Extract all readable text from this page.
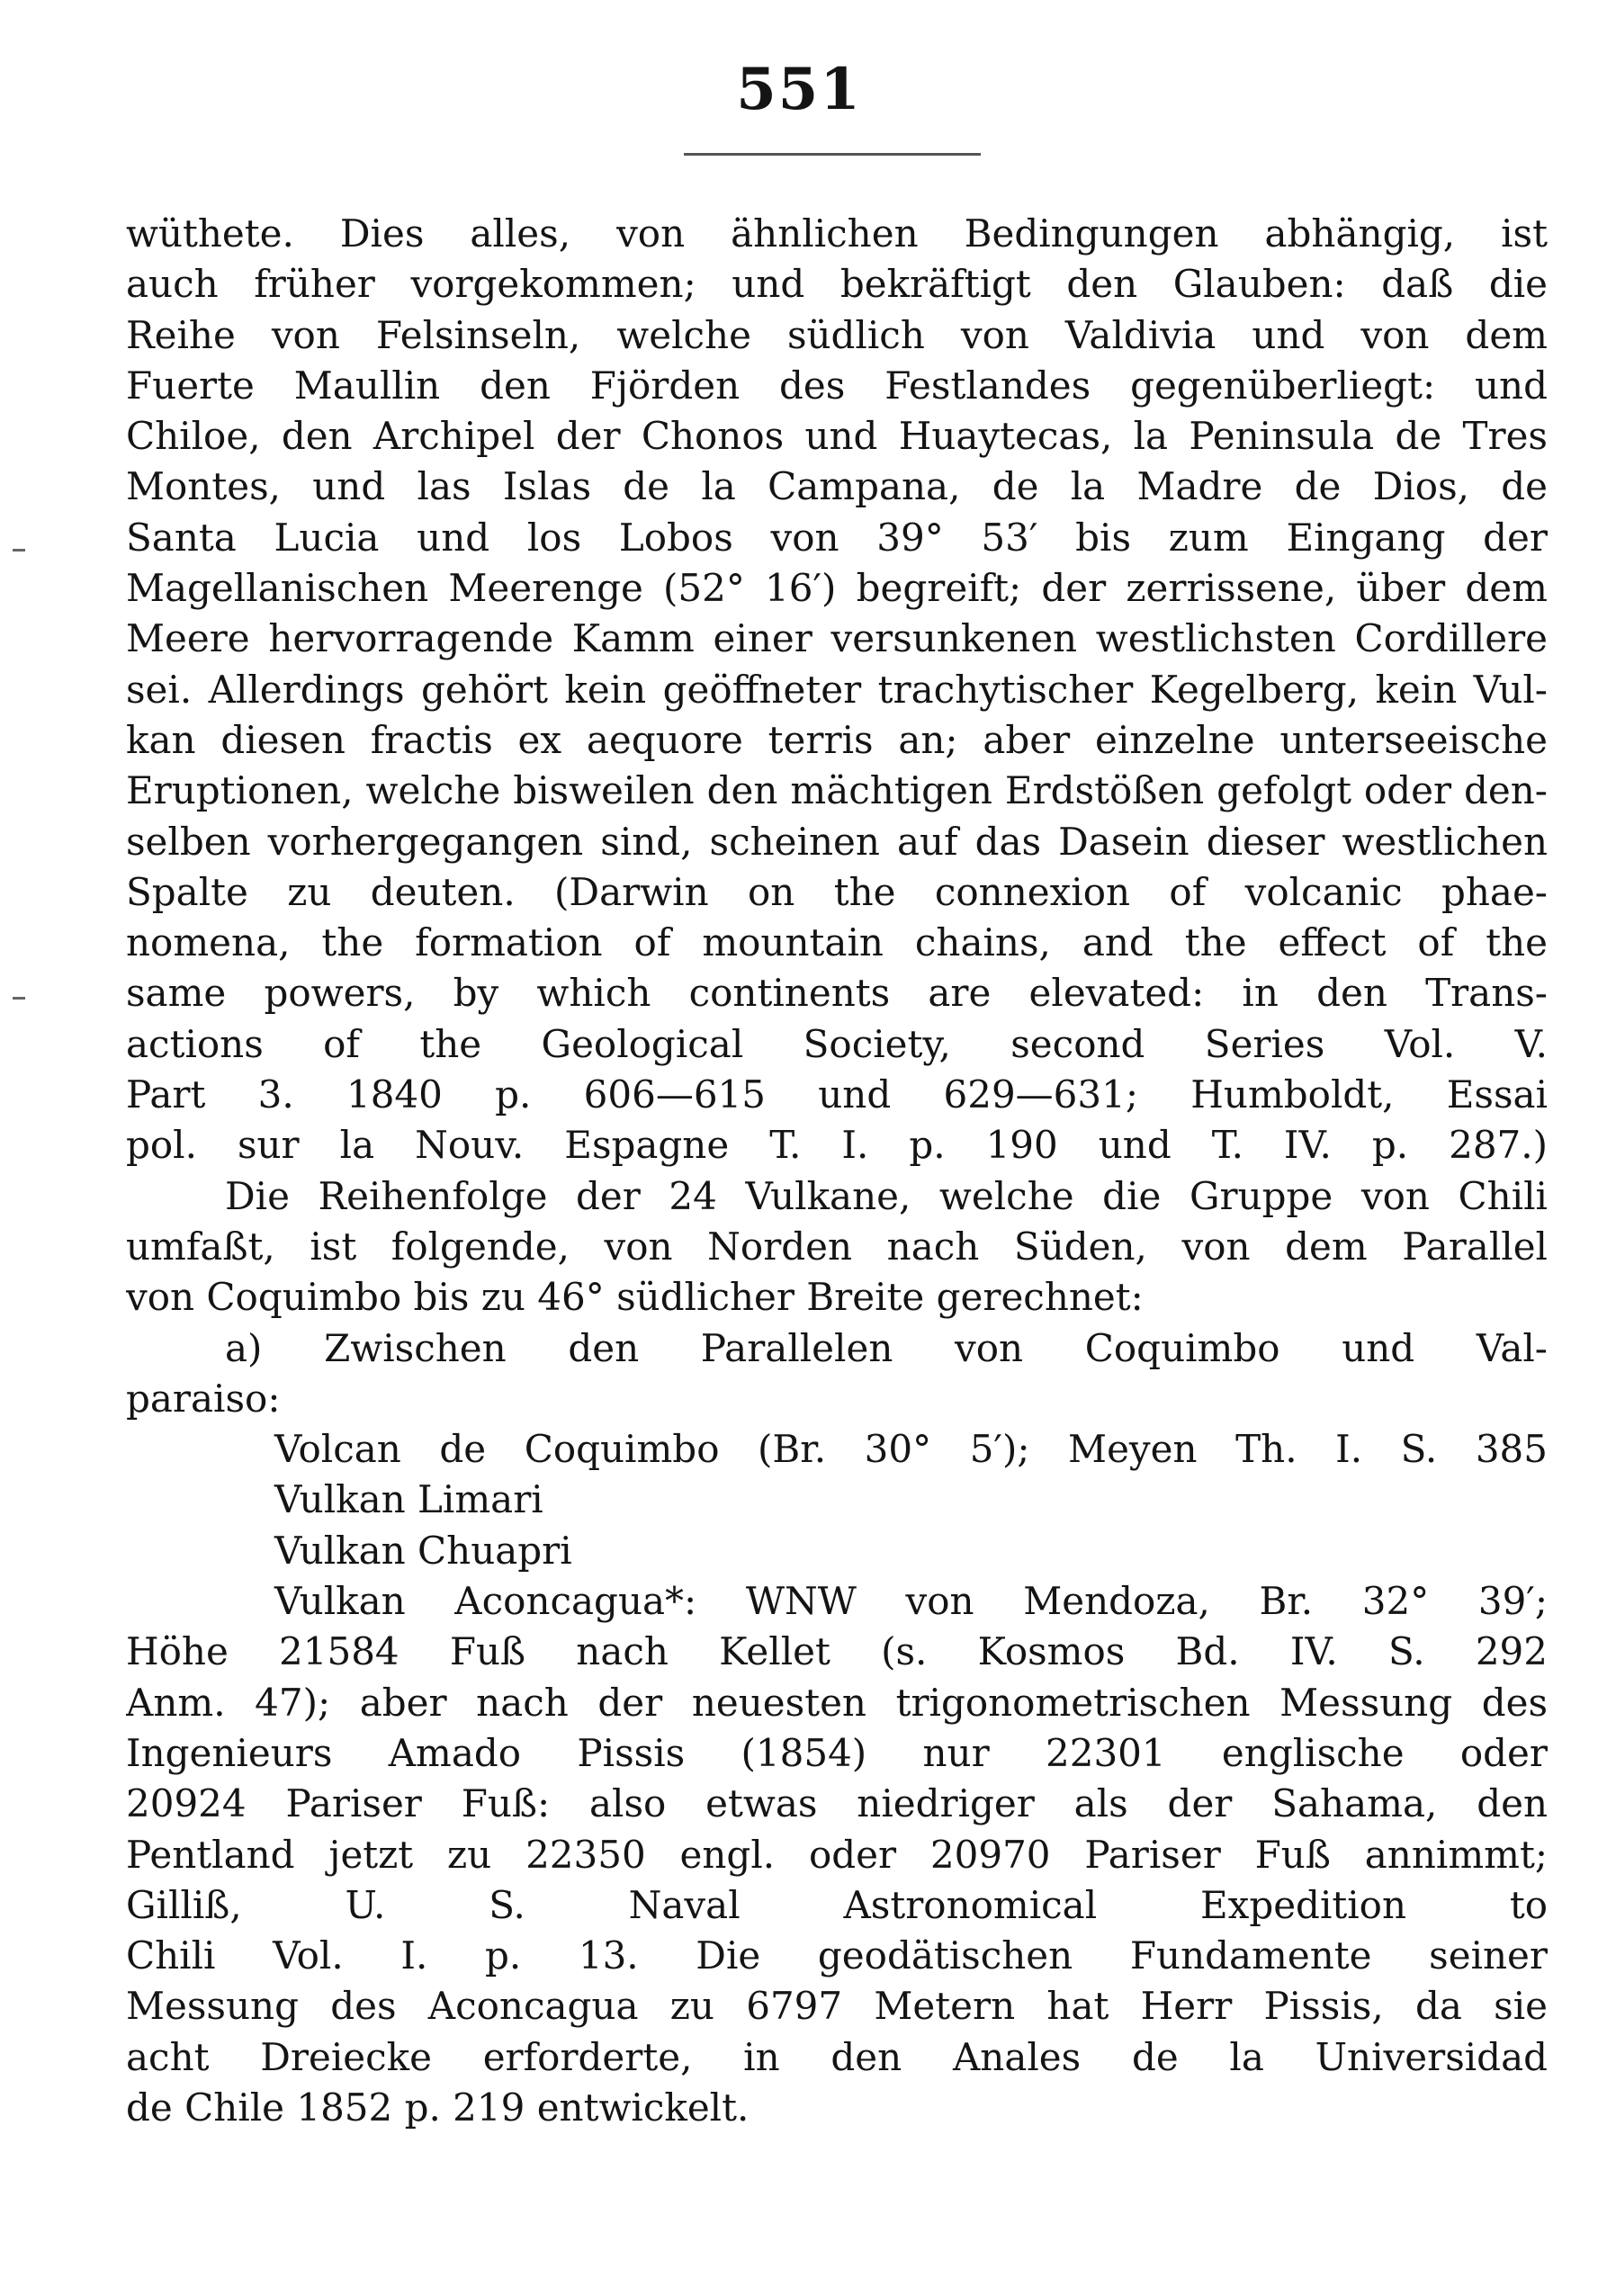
551
wüthete. Dies alles, von ähnlichen Bedingungen abhängig, ist
auch früher vorgekommen; und bekräftigt den Glauben: daß die
Reihe von Felsinseln, welche südlich von Valdivia und von dem
Fuerte Maullin den Fjörden des Festlandes gegenüberliegt: und
Chiloe, den Archipel der Chonos und Huaytecas, la Peninsula de Tres
Montes, und las Islas de la Campana, de la Madre de Dios, de
Santa Lucia und los Lobos von 39° 53′ bis zum Eingang der
Magellanischen Meerenge (52° 16′) begreift; der zerrissene, über dem
Meere hervorragende Kamm einer versunkenen westlichsten Cordillere
sei. Allerdings gehört kein geöffneter trachytischer Kegelberg, kein Vul-
kan diesen fractis ex aequore terris an; aber einzelne unterseeische
Eruptionen, welche bisweilen den mächtigen Erdstößen gefolgt oder den-
selben vorhergegangen sind, scheinen auf das Dasein dieser westlichen
Spalte zu deuten. (Darwin on the connexion of volcanic phae-
nomena, the formation of mountain chains, and the effect of the
same powers, by which continents are elevated: in den Trans-
actions of the Geological Society, second Series Vol. V.
Part 3. 1840 p. 606—615 und 629—631; Humboldt, Essai
pol. sur la Nouv. Espagne T. I. p. 190 und T. IV. p. 287.)
Die Reihenfolge der 24 Vulkane, welche die Gruppe von Chili
umfaßt, ist folgende, von Norden nach Süden, von dem Parallel
von Coquimbo bis zu 46° südlicher Breite gerechnet:
a) Zwischen den Parallelen von Coquimbo und Val-
paraiso:
Volcan de Coquimbo (Br. 30° 5′); Meyen Th. I. S. 385
Vulkan Limari
Vulkan Chuapri
Vulkan Aconcagua*: WNW von Mendoza, Br. 32° 39′;
Höhe 21584 Fuß nach Kellet (s. Kosmos Bd. IV. S. 292
Anm. 47); aber nach der neuesten trigonometrischen Messung des
Ingenieurs Amado Pissis (1854) nur 22301 englische oder
20924 Pariser Fuß: also etwas niedriger als der Sahama, den
Pentland jetzt zu 22350 engl. oder 20970 Pariser Fuß annimmt;
Gilliß, U. S. Naval Astronomical Expedition to
Chili Vol. I. p. 13. Die geodätischen Fundamente seiner
Messung des Aconcagua zu 6797 Metern hat Herr Pissis, da sie
acht Dreiecke erforderte, in den Anales de la Universidad
de Chile 1852 p. 219 entwickelt.
